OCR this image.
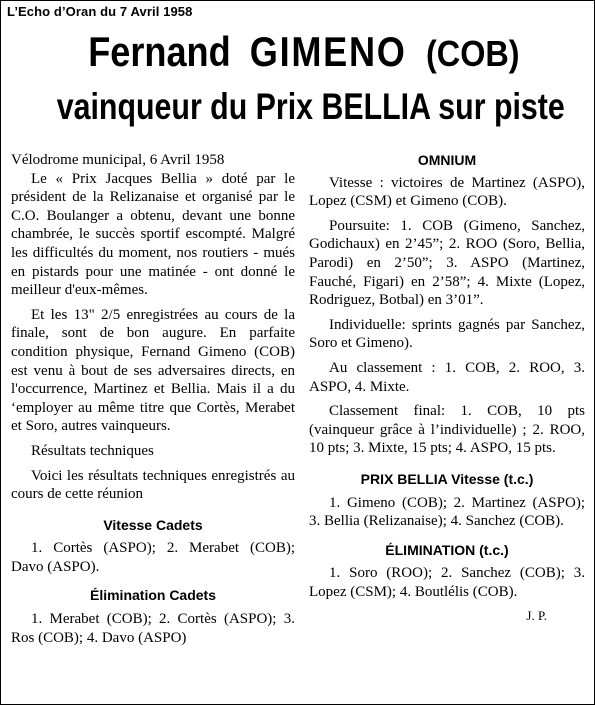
L’Echo d’Oran du 7 Avril 1958
Fernand GIMENO (COB)
vainqueur du Prix BELLIA sur piste

Vélodrome municipal, 6 Avril 1958

Le « Prix Jacques Bellia » doté par le président de la Relizanaise et organisé par le C.O. Boulanger a obtenu, devant une bonne chambrée, le succès sportif escompté. Malgré les difficultés du moment, nos routiers - mués en pistards pour une matinée - ont donné le meilleur d'eux-mêmes.

Et les 13" 2/5 enregistrées au cours de la finale, sont de bon augure. En parfaite condition physique, Fernand Gimeno (COB) est venu à bout de ses adversaires directs, en l'occurrence, Martinez et Bellia. Mais il a du ‘employer au même titre que Cortès, Merabet et Soro, autres vainqueurs.

Résultats techniques

Voici les résultats techniques enregistrés au cours de cette réunion

Vitesse Cadets

1. Cortès (ASPO); 2. Merabet (COB); Davo (ASPO).

Élimination Cadets

1. Merabet (COB); 2. Cortès (ASPO); 3. Ros (COB); 4. Davo (ASPO)

OMNIUM

Vitesse : victoires de Martinez (ASPO), Lopez (CSM) et Gimeno (COB).

Poursuite: 1. COB (Gimeno, Sanchez, Godichaux) en 2’45”; 2. ROO (Soro, Bellia, Parodi) en 2’50”; 3. ASPO (Martinez, Fauché, Figari) en 2’58”; 4. Mixte (Lopez, Rodriguez, Botbal) en 3’01”.

Individuelle: sprints gagnés par Sanchez, Soro et Gimeno).

Au classement : 1. COB, 2. ROO, 3. ASPO, 4. Mixte.

Classement final: 1. COB, 10 pts (vainqueur grâce à l’individuelle) ; 2. ROO, 10 pts; 3. Mixte, 15 pts; 4. ASPO, 15 pts.

PRIX BELLIA Vitesse (t.c.)

1. Gimeno (COB); 2. Martinez (ASPO); 3. Bellia (Relizanaise); 4. Sanchez (COB).

ÉLIMINATION (t.c.)

1. Soro (ROO); 2. Sanchez (COB); 3. Lopez (CSM); 4. Boutlélis (COB).

J. P.
